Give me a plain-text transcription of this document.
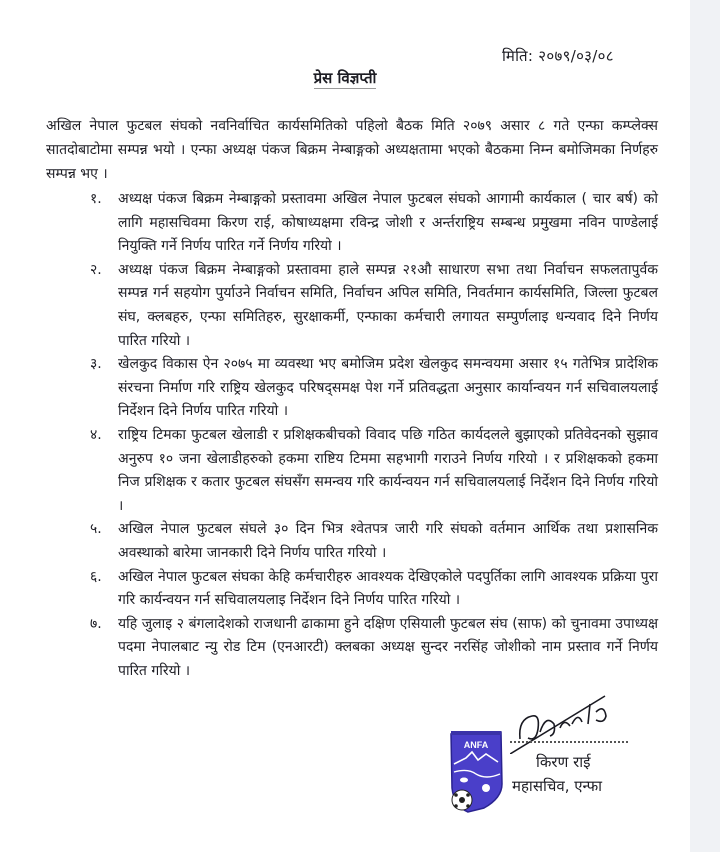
मिति: २०७९/०३/०८
प्रेस विज्ञप्ती
अखिल नेपाल फुटबल संघको नवनिर्वाचित कार्यसमितिको पहिलो बैठक मिति २०७९ असार ८ गते एन्फा कम्प्लेक्स सातदोबाटोमा सम्पन्न भयो । एन्फा अध्यक्ष पंकज बिक्रम नेम्बाङ्गको अध्यक्षतामा भएको बैठकमा निम्न बमोजिमका निर्णहरु सम्पन्न भए ।
१. अध्यक्ष पंकज बिक्रम नेम्बाङ्गको प्रस्तावमा अखिल नेपाल फुटबल संघको आगामी कार्यकाल ( चार बर्ष) को लागि महासचिवमा किरण राई, कोषाध्यक्षमा रविन्द्र जोशी र अर्न्तराष्ट्रिय सम्बन्ध प्रमुखमा नविन पाण्डेलाई नियुक्ति गर्ने निर्णय पारित गर्ने निर्णय गरियो ।
२. अध्यक्ष पंकज बिक्रम नेम्बाङ्गको प्रस्तावमा हाले सम्पन्न २१औ साधारण सभा तथा निर्वाचन सफलतापुर्वक सम्पन्न गर्न सहयोग पुर्याउने निर्वाचन समिति, निर्वाचन अपिल समिति, निवर्तमान कार्यसमिति, जिल्ला फुटबल संघ, क्लबहरु, एन्फा समितिहरु, सुरक्षाकर्मी, एन्फाका कर्मचारी लगायत सम्पुर्णलाइ धन्यवाद दिने निर्णय पारित गरियो ।
३. खेलकुद विकास ऐन २०७५ मा व्यवस्था भए बमोजिम प्रदेश खेलकुद समन्वयमा असार १५ गतेभित्र प्रादेशिक संरचना निर्माण गरि राष्ट्रिय खेलकुद परिषद्समक्ष पेश गर्ने प्रतिवद्धता अनुसार कार्यान्वयन गर्न सचिवालयलाई निर्देशन दिने निर्णय पारित गरियो ।
४. राष्ट्रिय टिमका फुटबल खेलाडी र प्रशिक्षकबीचको विवाद पछि गठित कार्यदलले बुझाएको प्रतिवेदनको सुझाव अनुरुप १० जना खेलाडीहरुको हकमा राष्टिय टिममा सहभागी गराउने निर्णय गरियो । र प्रशिक्षकको हकमा निज प्रशिक्षक र कतार फुटबल संघसँग समन्वय गरि कार्यन्वयन गर्न सचिवालयलाई निर्देशन दिने निर्णय गरियो ।
५. अखिल नेपाल फुटबल संघले ३० दिन भित्र श्वेतपत्र जारी गरि संघको वर्तमान आर्थिक तथा प्रशासनिक अवस्थाको बारेमा जानकारी दिने निर्णय पारित गरियो ।
६. अखिल नेपाल फुटबल संघका केहि कर्मचारीहरु आवश्यक देखिएकोले पदपुर्तिका लागि आवश्यक प्रक्रिया पुरा गरि कार्यन्वयन गर्न सचिवालयलाइ निर्देशन दिने निर्णय पारित गरियो ।
७. यहि जुलाइ २ बंगलादेशको राजधानी ढाकामा हुने दक्षिण एसियाली फुटबल संघ (साफ) को चुनावमा उपाध्यक्ष पदमा नेपालबाट न्यु रोड टिम (एनआरटी) क्लबका अध्यक्ष सुन्दर नरसिंह जोशीको नाम प्रस्ताव गर्ने निर्णय पारित गरियो ।
ANFA
किरण राई
महासचिव, एन्फा
